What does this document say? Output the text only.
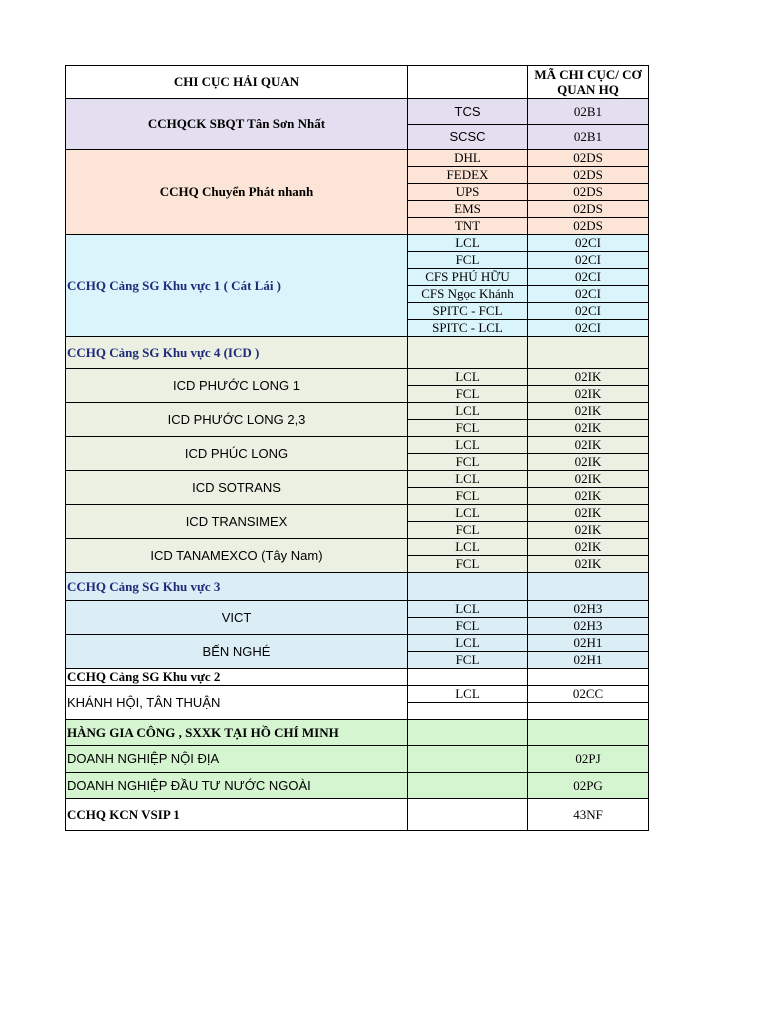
CHI CỤC HẢI QUAN		MÃ CHI CỤC/ CƠ QUAN HQ
CCHQCK SBQT Tân Sơn Nhất	TCS	02B1
	SCSC	02B1
CCHQ Chuyển Phát nhanh	DHL	02DS
	FEDEX	02DS
	UPS	02DS
	EMS	02DS
	TNT	02DS
CCHQ Cảng SG Khu vực 1 ( Cát Lái )	LCL	02CI
	FCL	02CI
	CFS PHÚ HỮU	02CI
	CFS Ngọc Khánh	02CI
	SPITC - FCL	02CI
	SPITC - LCL	02CI
CCHQ Cảng SG Khu vực 4 (ICD )		
ICD PHƯỚC LONG 1	LCL	02IK
	FCL	02IK
ICD PHƯỚC LONG 2,3	LCL	02IK
	FCL	02IK
ICD PHÚC LONG	LCL	02IK
	FCL	02IK
ICD SOTRANS	LCL	02IK
	FCL	02IK
ICD TRANSIMEX	LCL	02IK
	FCL	02IK
ICD TANAMEXCO (Tây Nam)	LCL	02IK
	FCL	02IK
CCHQ Cảng SG Khu vực 3		
VICT	LCL	02H3
	FCL	02H3
BẾN NGHÉ	LCL	02H1
	FCL	02H1
CCHQ Cảng SG Khu vực 2		
KHÁNH HỘI, TÂN THUẬN	LCL	02CC

HÀNG GIA CÔNG , SXXK TẠI HỒ CHÍ MINH		
DOANH NGHIỆP NỘI ĐỊA		02PJ
DOANH NGHIỆP ĐẦU TƯ NƯỚC NGOÀI		02PG
CCHQ KCN VSIP 1		43NF
